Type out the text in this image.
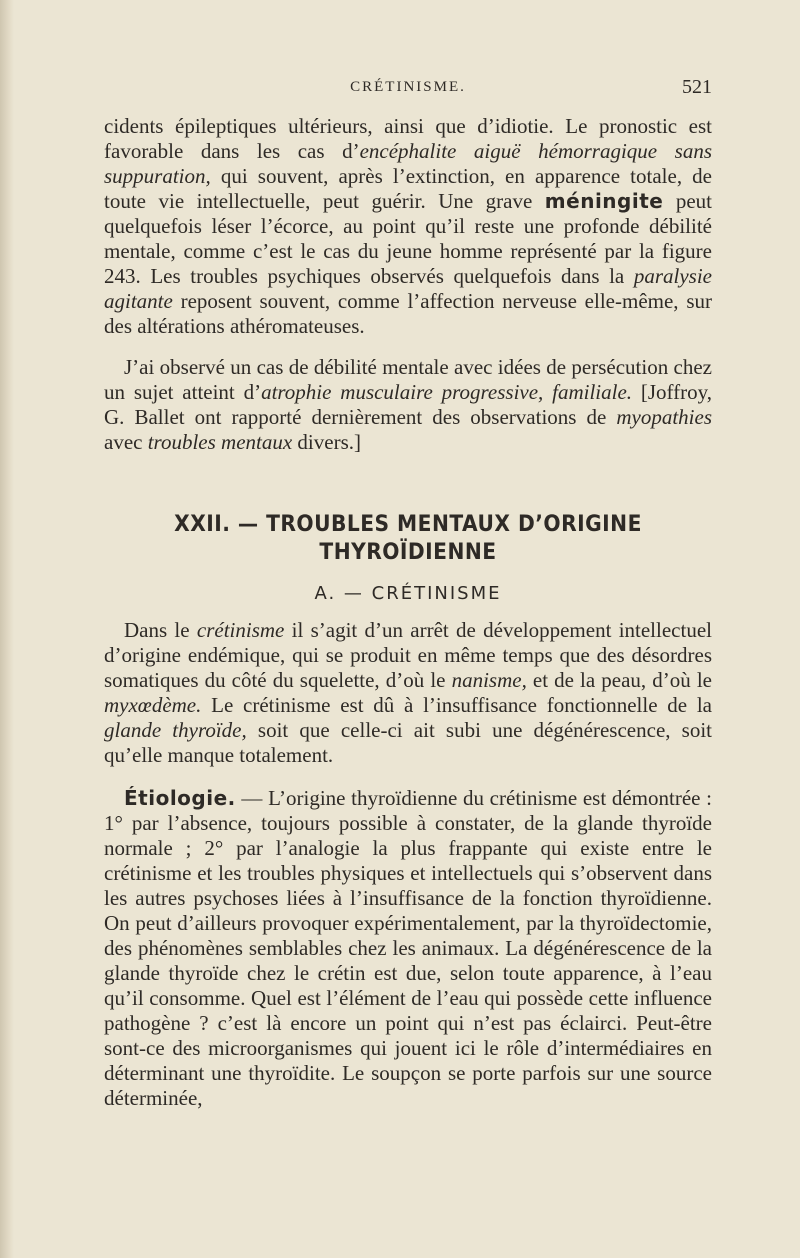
CRÉTINISME.	521

cidents épileptiques ultérieurs, ainsi que d’idiotie. Le pronostic est favorable dans les cas d’encéphalite aiguë hémorragique sans suppuration, qui souvent, après l’extinction, en apparence totale, de toute vie intellectuelle, peut guérir. Une grave méningite peut quelquefois léser l’écorce, au point qu’il reste une profonde débilité mentale, comme c’est le cas du jeune homme représenté par la figure 243. Les troubles psychiques observés quelquefois dans la paralysie agitante reposent souvent, comme l’affection nerveuse elle-même, sur des altérations athéromateuses.

J’ai observé un cas de débilité mentale avec idées de persécution chez un sujet atteint d’atrophie musculaire progressive, familiale. [Joffroy, G. Ballet ont rapporté dernièrement des observations de myopathies avec troubles mentaux divers.]

XXII. — TROUBLES MENTAUX D’ORIGINE
THYROÏDIENNE
A. — CRÉTINISME

Dans le crétinisme il s’agit d’un arrêt de développement intellectuel d’origine endémique, qui se produit en même temps que des désordres somatiques du côté du squelette, d’où le nanisme, et de la peau, d’où le myxœdème. Le crétinisme est dû à l’insuffisance fonctionnelle de la glande thyroïde, soit que celle-ci ait subi une dégénérescence, soit qu’elle manque totalement.

Étiologie. — L’origine thyroïdienne du crétinisme est démontrée : 1° par l’absence, toujours possible à constater, de la glande thyroïde normale ; 2° par l’analogie la plus frappante qui existe entre le crétinisme et les troubles physiques et intellectuels qui s’observent dans les autres psychoses liées à l’insuffisance de la fonction thyroïdienne. On peut d’ailleurs provoquer expérimentalement, par la thyroïdectomie, des phénomènes semblables chez les animaux. La dégénérescence de la glande thyroïde chez le crétin est due, selon toute apparence, à l’eau qu’il consomme. Quel est l’élément de l’eau qui possède cette influence pathogène ? c’est là encore un point qui n’est pas éclairci. Peut-être sont-ce des microorganismes qui jouent ici le rôle d’intermédiaires en déterminant une thyroïdite. Le soupçon se porte parfois sur une source déterminée,
